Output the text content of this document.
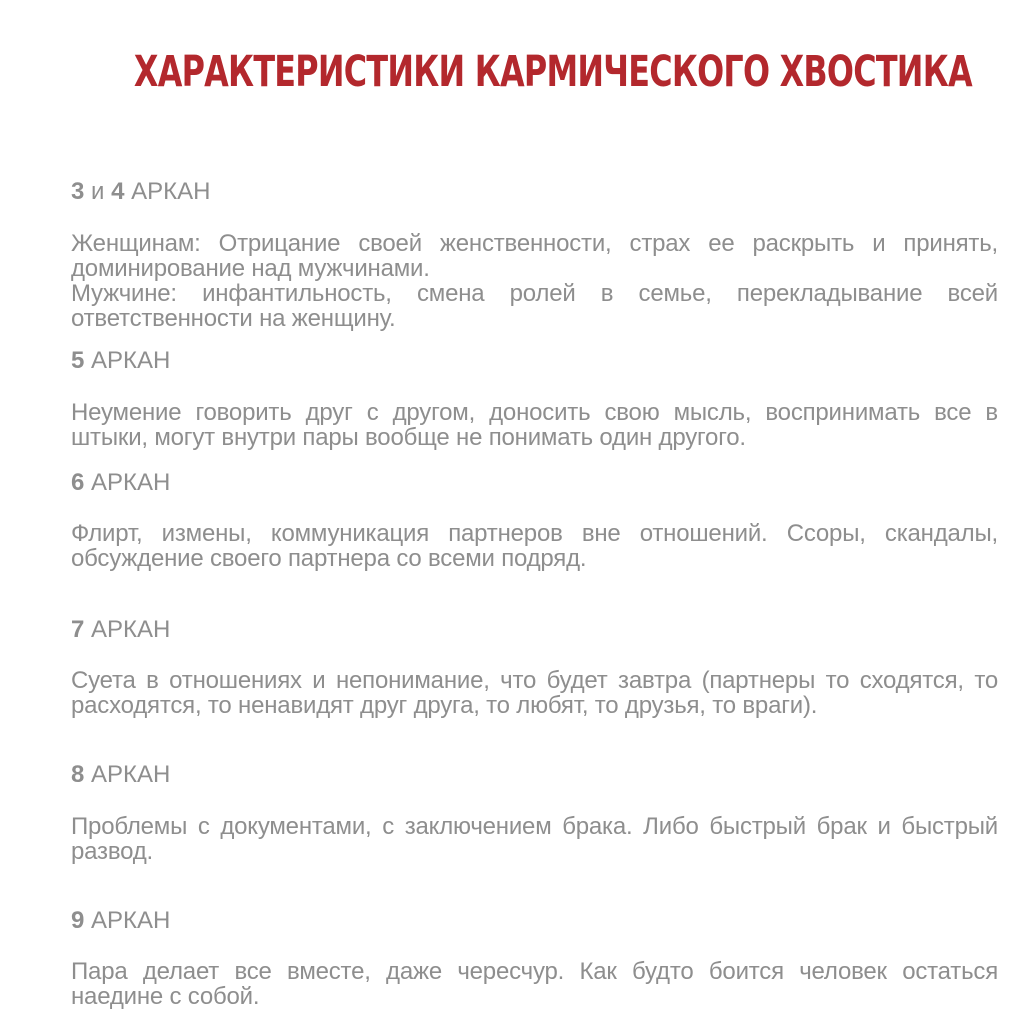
ХАРАКТЕРИСТИКИ КАРМИЧЕСКОГО ХВОСТИКА
3 и 4 АРКАН
Женщинам: Отрицание своей женственности, страх ее раскрыть и принять, доминирование над мужчинами.
Мужчине: инфантильность, смена ролей в семье, перекладывание всей ответственности на женщину.
5 АРКАН
Неумение говорить друг с другом, доносить свою мысль, воспринимать все в штыки, могут внутри пары вообще не понимать один другого.
6 АРКАН
Флирт, измены, коммуникация партнеров вне отношений. Ссоры, скандалы, обсуждение своего партнера со всеми подряд.
7 АРКАН
Суета в отношениях и непонимание, что будет завтра (партнеры то сходятся, то расходятся, то ненавидят друг друга, то любят, то друзья, то враги).
8 АРКАН
Проблемы с документами, с заключением брака. Либо быстрый брак и быстрый развод.
9 АРКАН
Пара делает все вместе, даже чересчур. Как будто боится человек остаться наедине с собой.
